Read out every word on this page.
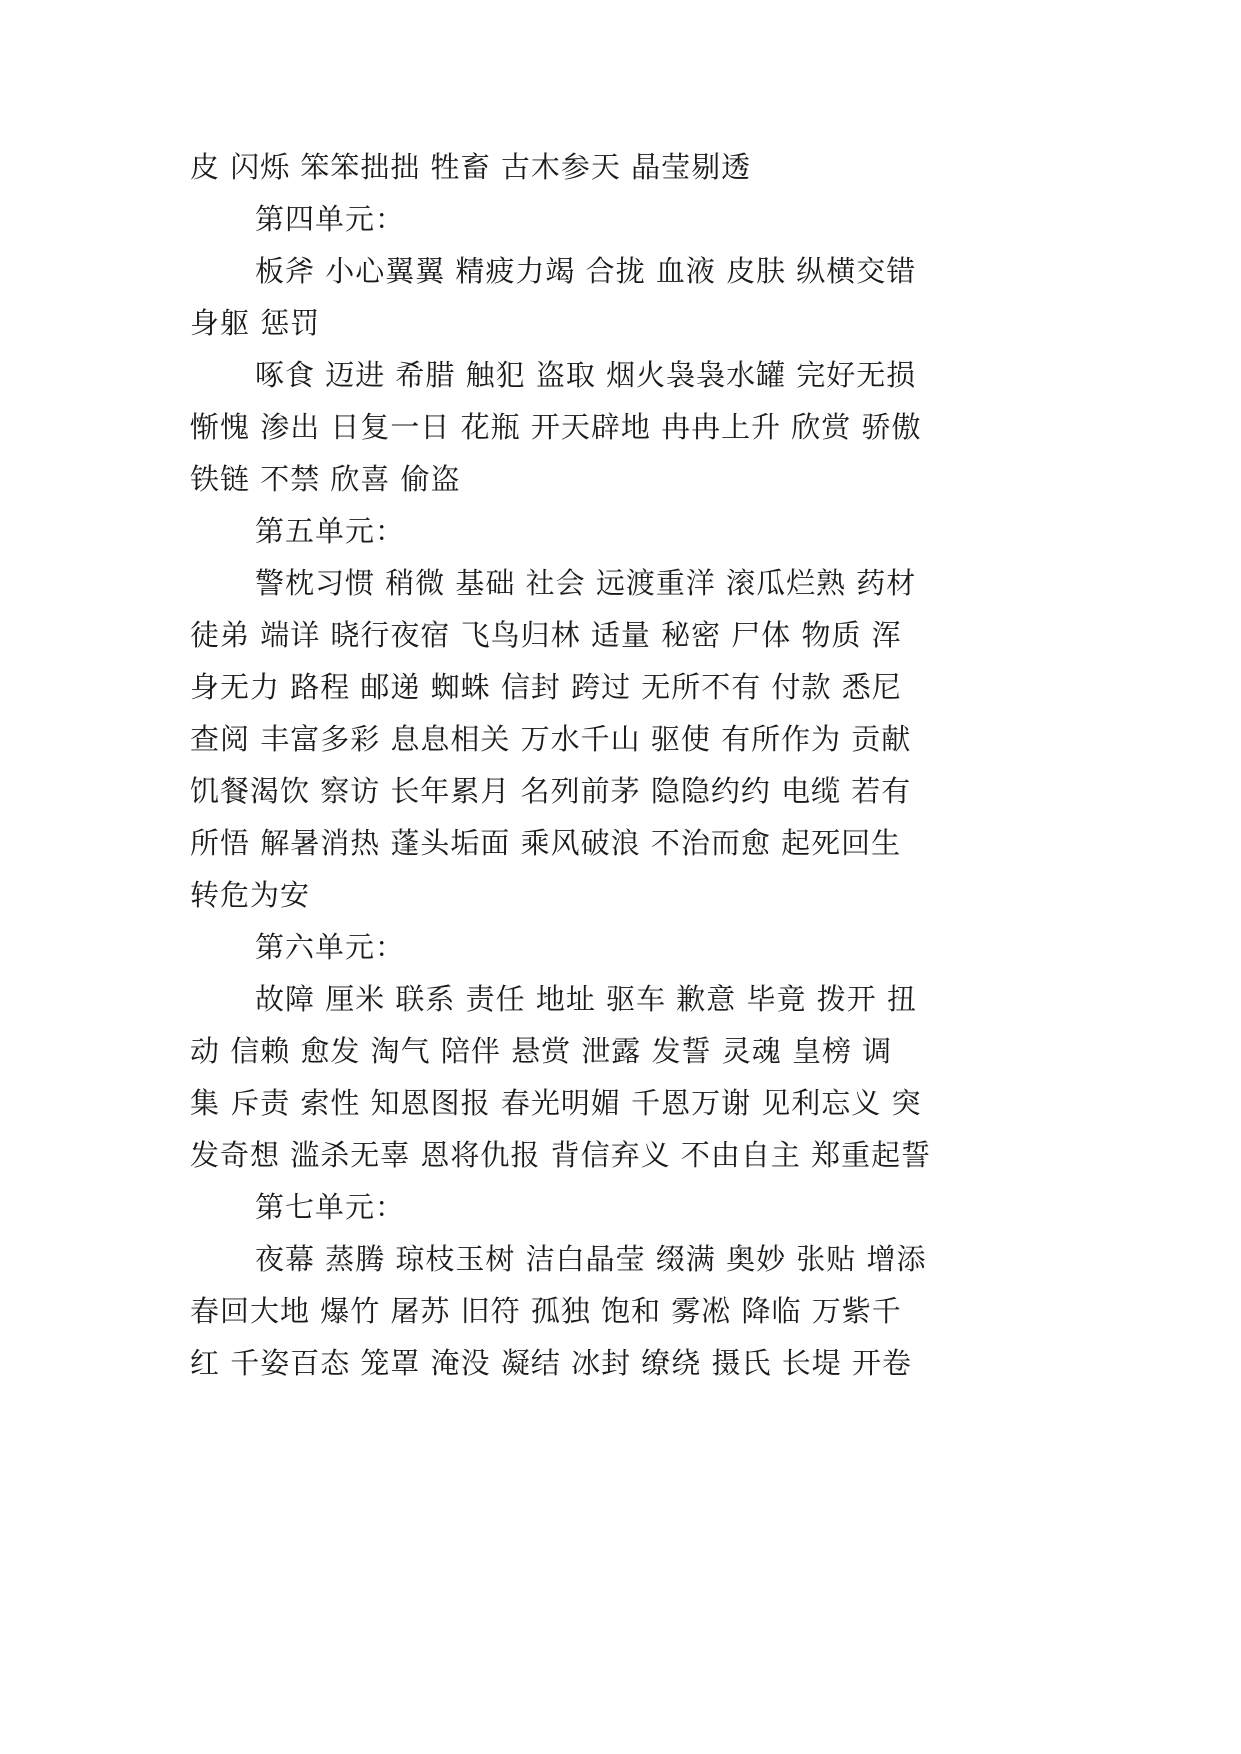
皮 闪烁 笨笨拙拙 牲畜 古木参天 晶莹剔透
第四单元：
板斧 小心翼翼 精疲力竭 合拢 血液 皮肤 纵横交错
身躯 惩罚
啄食 迈进 希腊 触犯 盗取 烟火袅袅水罐 完好无损
惭愧 渗出 日复一日 花瓶 开天辟地 冉冉上升 欣赏 骄傲
铁链 不禁 欣喜 偷盗
第五单元：
警枕习惯 稍微 基础 社会 远渡重洋 滚瓜烂熟 药材
徒弟 端详 晓行夜宿 飞鸟归林 适量 秘密 尸体 物质 浑
身无力 路程 邮递 蜘蛛 信封 跨过 无所不有 付款 悉尼
查阅 丰富多彩 息息相关 万水千山 驱使 有所作为 贡献
饥餐渴饮 察访 长年累月 名列前茅 隐隐约约 电缆 若有
所悟 解暑消热 蓬头垢面 乘风破浪 不治而愈 起死回生
转危为安
第六单元：
故障 厘米 联系 责任 地址 驱车 歉意 毕竟 拨开 扭
动 信赖 愈发 淘气 陪伴 悬赏 泄露 发誓 灵魂 皇榜 调
集 斥责 索性 知恩图报 春光明媚 千恩万谢 见利忘义 突
发奇想 滥杀无辜 恩将仇报 背信弃义 不由自主 郑重起誓
第七单元：
夜幕 蒸腾 琼枝玉树 洁白晶莹 缀满 奥妙 张贴 增添
春回大地 爆竹 屠苏 旧符 孤独 饱和 雾凇 降临 万紫千
红 千姿百态 笼罩 淹没 凝结 冰封 缭绕 摄氏 长堤 开卷
